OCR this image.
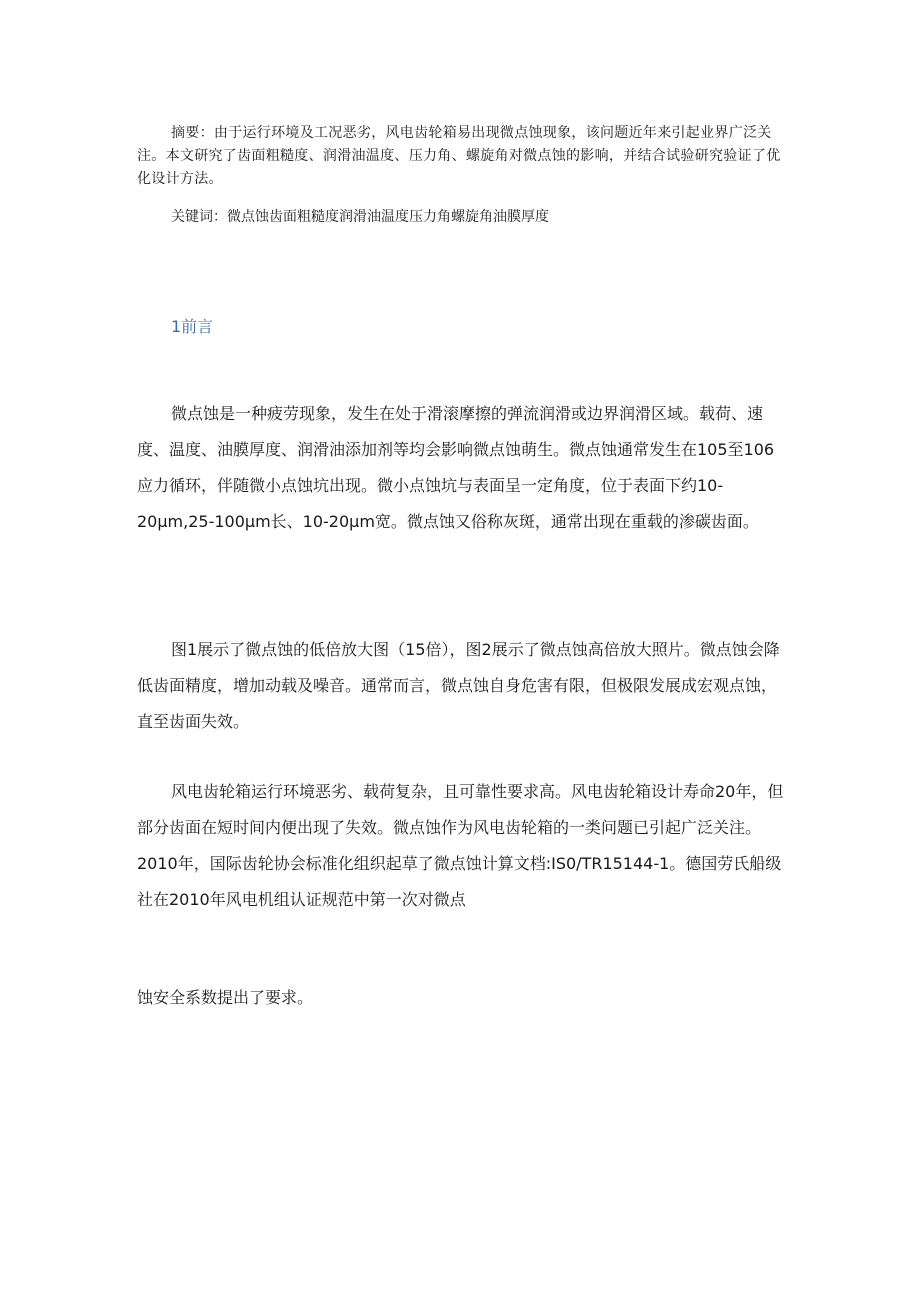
摘要：由于运行环境及工况恶劣，风电齿轮箱易出现微点蚀现象，该问题近年来引起业界广泛关注。本文研究了齿面粗糙度、润滑油温度、压力角、螺旋角对微点蚀的影响，并结合试验研究验证了优化设计方法。

关键词：微点蚀齿面粗糙度润滑油温度压力角螺旋角油膜厚度

1前言

微点蚀是一种疲劳现象，发生在处于滑滚摩擦的弹流润滑或边界润滑区域。载荷、速度、温度、油膜厚度、润滑油添加剂等均会影响微点蚀萌生。微点蚀通常发生在105至106应力循环，伴随微小点蚀坑出现。微小点蚀坑与表面呈一定角度，位于表面下约10-20μm,25-100μm长、10-20μm宽。微点蚀又俗称灰斑，通常出现在重载的渗碳齿面。

图1展示了微点蚀的低倍放大图（15倍），图2展示了微点蚀高倍放大照片。微点蚀会降低齿面精度，增加动载及噪音。通常而言，微点蚀自身危害有限，但极限发展成宏观点蚀，直至齿面失效。

风电齿轮箱运行环境恶劣、载荷复杂，且可靠性要求高。风电齿轮箱设计寿命20年，但部分齿面在短时间内便出现了失效。微点蚀作为风电齿轮箱的一类问题已引起广泛关注。2010年，国际齿轮协会标准化组织起草了微点蚀计算文档:IS0/TR15144-1。德国劳氏船级社在2010年风电机组认证规范中第一次对微点

蚀安全系数提出了要求。
